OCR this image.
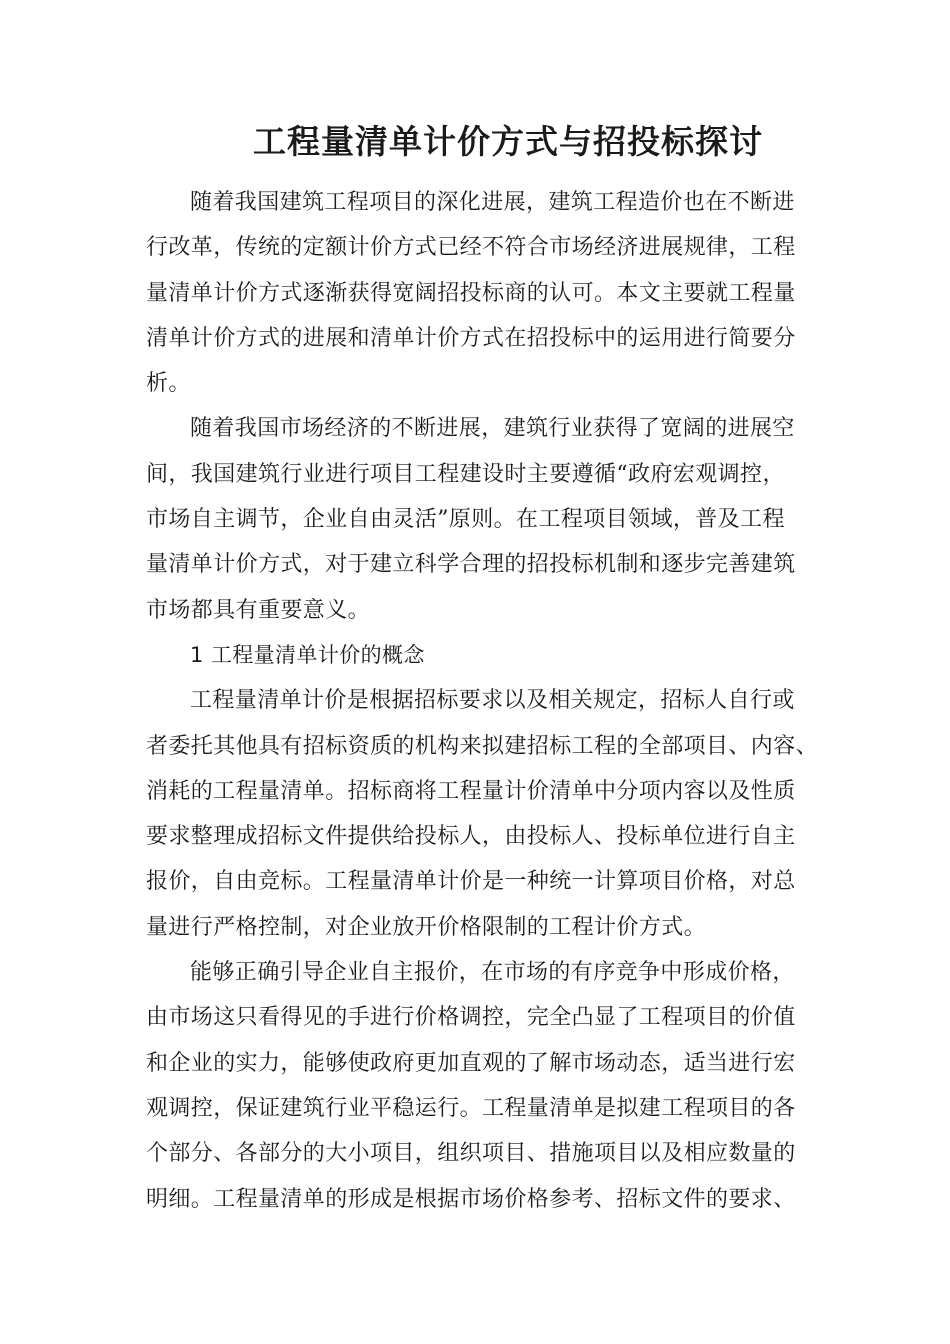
工程量清单计价方式与招投标探讨
随着我国建筑工程项目的深化进展，建筑工程造价也在不断进
行改革，传统的定额计价方式已经不符合市场经济进展规律，工程
量清单计价方式逐渐获得宽阔招投标商的认可。本文主要就工程量
清单计价方式的进展和清单计价方式在招投标中的运用进行简要分
析。
随着我国市场经济的不断进展，建筑行业获得了宽阔的进展空
间，我国建筑行业进行项目工程建设时主要遵循“政府宏观调控，
市场自主调节，企业自由灵活”原则。在工程项目领域，普及工程
量清单计价方式，对于建立科学合理的招投标机制和逐步完善建筑
市场都具有重要意义。
1 工程量清单计价的概念
工程量清单计价是根据招标要求以及相关规定，招标人自行或
者委托其他具有招标资质的机构来拟建招标工程的全部项目、内容、
消耗的工程量清单。招标商将工程量计价清单中分项内容以及性质
要求整理成招标文件提供给投标人，由投标人、投标单位进行自主
报价，自由竞标。工程量清单计价是一种统一计算项目价格，对总
量进行严格控制，对企业放开价格限制的工程计价方式。
能够正确引导企业自主报价，在市场的有序竞争中形成价格，
由市场这只看得见的手进行价格调控，完全凸显了工程项目的价值
和企业的实力，能够使政府更加直观的了解市场动态，适当进行宏
观调控，保证建筑行业平稳运行。工程量清单是拟建工程项目的各
个部分、各部分的大小项目，组织项目、措施项目以及相应数量的
明细。工程量清单的形成是根据市场价格参考、招标文件的要求、
